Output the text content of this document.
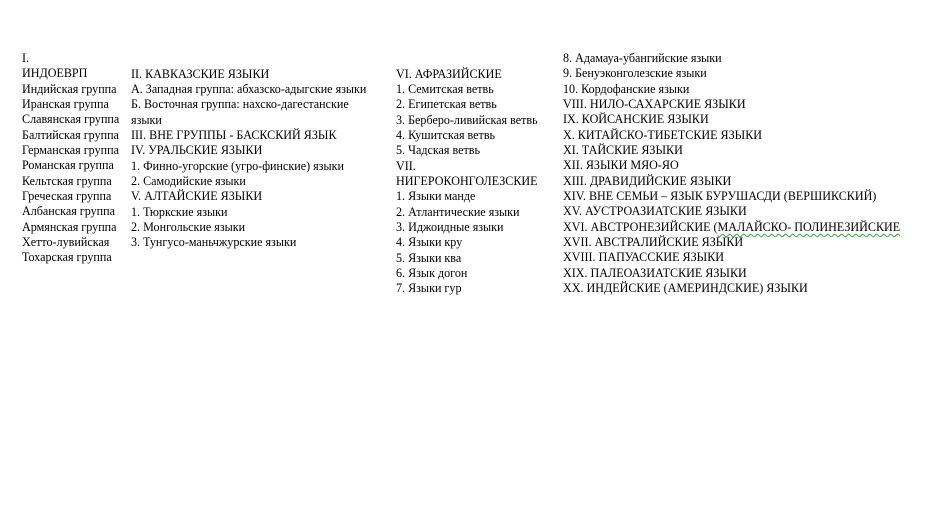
I.
ИНДОЕВРП
Индийская группа
Иранская группа
Славянская группа
Балтийская группа
Германская группа
Романская группа
Кельтская группа
Греческая группа
Албанская группа
Армянская группа
Хетто-лувийская
Тохарская группа
II. КАВКАЗСКИЕ ЯЗЫКИ
А. Западная группа: абхазско-адыгские языки
Б. Восточная группа: нахско-дагестанские
языки
III. ВНЕ ГРУППЫ - БАСКСКИЙ ЯЗЫК
IV. УРАЛЬСКИЕ ЯЗЫКИ
1. Финно-угорские (угро-финские) языки
2. Самодийские языки
V. АЛТАЙСКИЕ ЯЗЫКИ
1. Тюркские языки
2. Монгольские языки
3. Тунгусо-маньчжурские языки
VI. АФРАЗИЙСКИЕ
1. Семитская ветвь
2. Египетская ветвь
3. Берберо-ливийская ветвь
4. Кушитская ветвь
5. Чадская ветвь
VII.
НИГЕРОКОНГОЛЕЗСКИЕ
1. Языки манде
2. Атлантические языки
3. Иджоидные языки
4. Языки кру
5. Языки ква
6. Язык догон
7. Языки гур
8. Адамауа-убангийские языки
9. Бенуэконголезские языки
10. Кордофанские языки
VIII. НИЛО-САХАРСКИЕ ЯЗЫКИ
IX. КОЙСАНСКИЕ ЯЗЫКИ
X. КИТАЙСКО-ТИБЕТСКИЕ ЯЗЫКИ
XI. ТАЙСКИЕ ЯЗЫКИ
XII. ЯЗЫКИ МЯО-ЯО
XIII. ДРАВИДИЙСКИЕ ЯЗЫКИ
XIV. ВНЕ СЕМЬИ – ЯЗЫК БУРУШАСДИ (ВЕРШИКСКИЙ)
XV. АУСТРОАЗИАТСКИЕ ЯЗЫКИ
XVI. АВСТРОНЕЗИЙСКИЕ (МАЛАЙСКО- ПОЛИНЕЗИЙСКИЕ
XVII. АВСТРАЛИЙСКИЕ ЯЗЫКИ
XVIII. ПАПУАССКИЕ ЯЗЫКИ
XIX. ПАЛЕОАЗИАТСКИЕ ЯЗЫКИ
XX. ИНДЕЙСКИЕ (АМЕРИНДСКИЕ) ЯЗЫКИ
